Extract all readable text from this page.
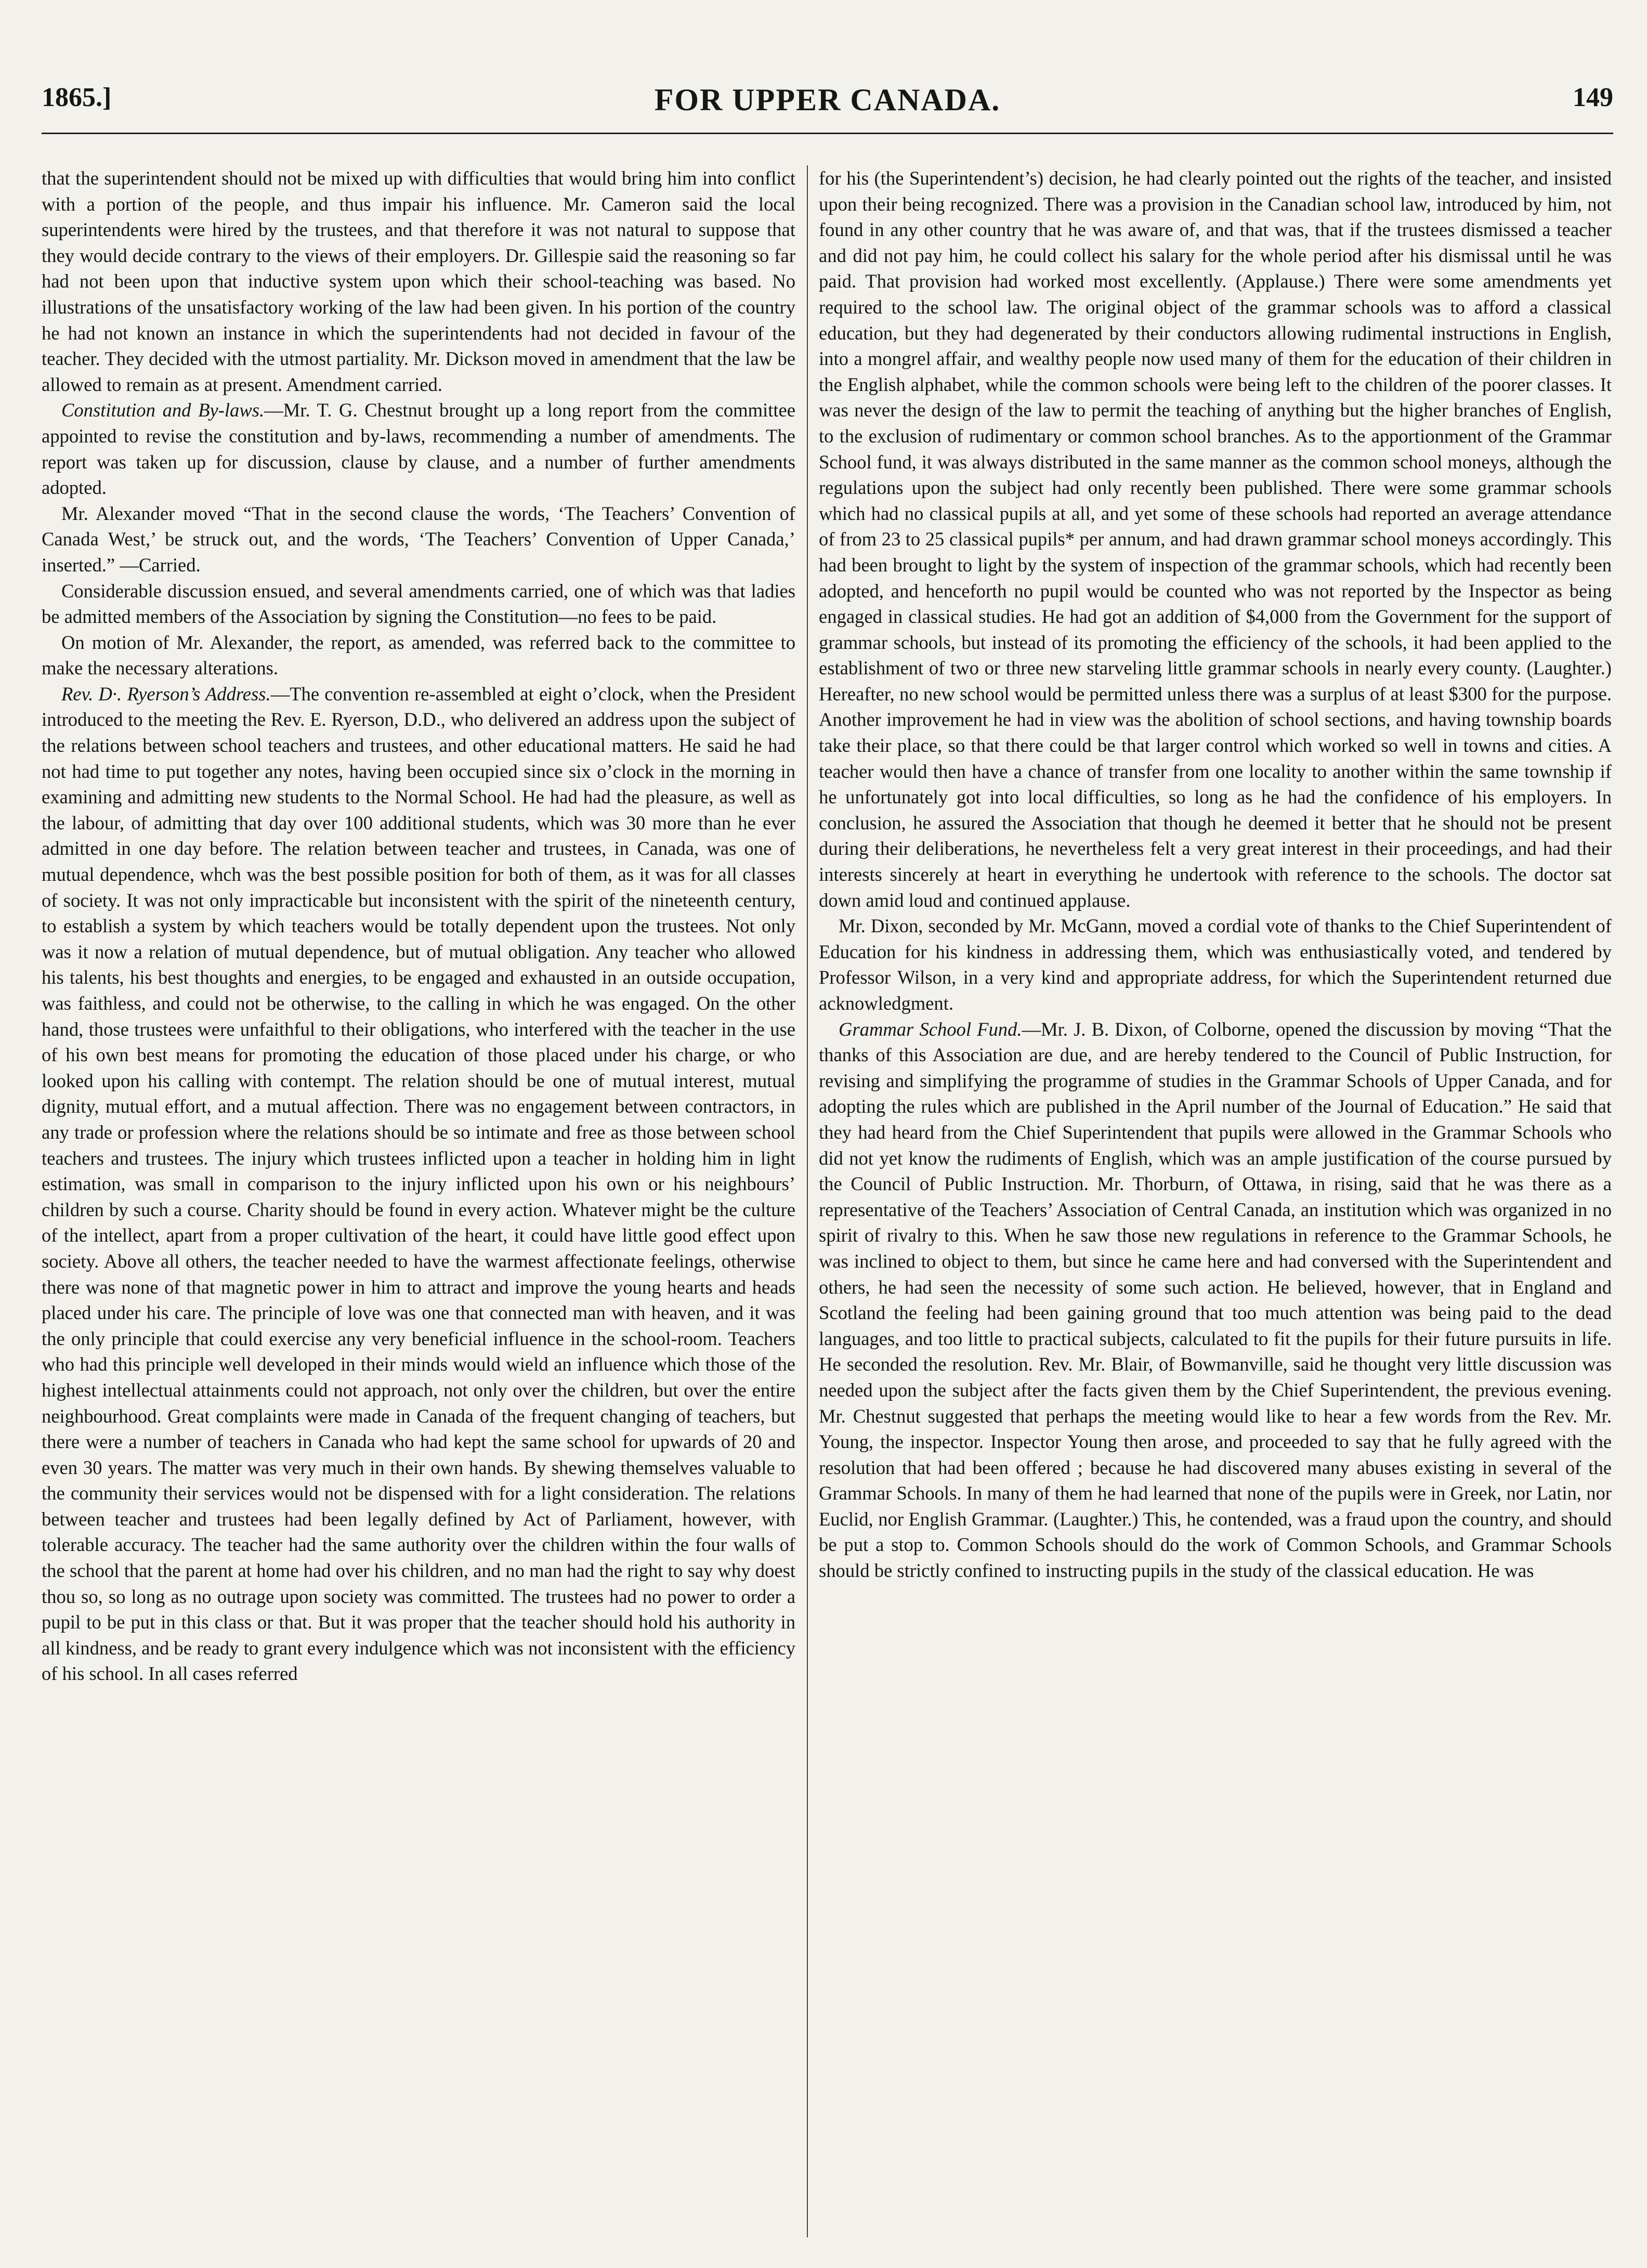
1865.]	FOR UPPER CANADA.	149

that the superintendent should not be mixed up with difficulties that would bring him into conflict with a portion of the people, and thus impair his influence. Mr. Cameron said the local superintendents were hired by the trustees, and that therefore it was not natural to suppose that they would decide contrary to the views of their employers. Dr. Gillespie said the reasoning so far had not been upon that inductive system upon which their school-teaching was based. No illustrations of the unsatisfactory working of the law had been given. In his portion of the country he had not known an instance in which the superintendents had not decided in favour of the teacher. They decided with the utmost partiality. Mr. Dickson moved in amendment that the law be allowed to remain as at present. Amendment carried.

Constitution and By-laws.—Mr. T. G. Chestnut brought up a long report from the committee appointed to revise the constitution and by-laws, recommending a number of amendments. The report was taken up for discussion, clause by clause, and a number of further amendments adopted.

Mr. Alexander moved “That in the second clause the words, ‘The Teachers’ Convention of Canada West,’ be struck out, and the words, ‘The Teachers’ Convention of Upper Canada,’ inserted.” —Carried.

Considerable discussion ensued, and several amendments carried, one of which was that ladies be admitted members of the Association by signing the Constitution—no fees to be paid.

On motion of Mr. Alexander, the report, as amended, was referred back to the committee to make the necessary alterations.

Rev. D·. Ryerson’s Address.—The convention re-assembled at eight o’clock, when the President introduced to the meeting the Rev. E. Ryerson, D.D., who delivered an address upon the subject of the relations between school teachers and trustees, and other educational matters. He said he had not had time to put together any notes, having been occupied since six o’clock in the morning in examining and admitting new students to the Normal School. He had had the pleasure, as well as the labour, of admitting that day over 100 additional students, which was 30 more than he ever admitted in one day before. The relation between teacher and trustees, in Canada, was one of mutual dependence, whch was the best possible position for both of them, as it was for all classes of society. It was not only impracticable but inconsistent with the spirit of the nineteenth century, to establish a system by which teachers would be totally dependent upon the trustees. Not only was it now a relation of mutual dependence, but of mutual obligation. Any teacher who allowed his talents, his best thoughts and energies, to be engaged and exhausted in an outside occupation, was faithless, and could not be otherwise, to the calling in which he was engaged. On the other hand, those trustees were unfaithful to their obligations, who interfered with the teacher in the use of his own best means for promoting the education of those placed under his charge, or who looked upon his calling with contempt. The relation should be one of mutual interest, mutual dignity, mutual effort, and a mutual affection. There was no engagement between contractors, in any trade or profession where the relations should be so intimate and free as those between school teachers and trustees. The injury which trustees inflicted upon a teacher in holding him in light estimation, was small in comparison to the injury inflicted upon his own or his neighbours’ children by such a course. Charity should be found in every action. Whatever might be the culture of the intellect, apart from a proper cultivation of the heart, it could have little good effect upon society. Above all others, the teacher needed to have the warmest affectionate feelings, otherwise there was none of that magnetic power in him to attract and improve the young hearts and heads placed under his care. The principle of love was one that connected man with heaven, and it was the only principle that could exercise any very beneficial influence in the school-room. Teachers who had this principle well developed in their minds would wield an influence which those of the highest intellectual attainments could not approach, not only over the children, but over the entire neighbourhood. Great complaints were made in Canada of the frequent changing of teachers, but there were a number of teachers in Canada who had kept the same school for upwards of 20 and even 30 years. The matter was very much in their own hands. By shewing themselves valuable to the community their services would not be dispensed with for a light consideration. The relations between teacher and trustees had been legally defined by Act of Parliament, however, with tolerable accuracy. The teacher had the same authority over the children within the four walls of the school that the parent at home had over his children, and no man had the right to say why doest thou so, so long as no outrage upon society was committed. The trustees had no power to order a pupil to be put in this class or that. But it was proper that the teacher should hold his authority in all kindness, and be ready to grant every indulgence which was not inconsistent with the efficiency of his school. In all cases referred

for his (the Superintendent’s) decision, he had clearly pointed out the rights of the teacher, and insisted upon their being recognized. There was a provision in the Canadian school law, introduced by him, not found in any other country that he was aware of, and that was, that if the trustees dismissed a teacher and did not pay him, he could collect his salary for the whole period after his dismissal until he was paid. That provision had worked most excellently. (Applause.) There were some amendments yet required to the school law. The original object of the grammar schools was to afford a classical education, but they had degenerated by their conductors allowing rudimental instructions in English, into a mongrel affair, and wealthy people now used many of them for the education of their children in the English alphabet, while the common schools were being left to the children of the poorer classes. It was never the design of the law to permit the teaching of anything but the higher branches of English, to the exclusion of rudimentary or common school branches. As to the apportionment of the Grammar School fund, it was always distributed in the same manner as the common school moneys, although the regulations upon the subject had only recently been published. There were some grammar schools which had no classical pupils at all, and yet some of these schools had reported an average attendance of from 23 to 25 classical pupils* per annum, and had drawn grammar school moneys accordingly. This had been brought to light by the system of inspection of the grammar schools, which had recently been adopted, and henceforth no pupil would be counted who was not reported by the Inspector as being engaged in classical studies. He had got an addition of $4,000 from the Government for the support of grammar schools, but instead of its promoting the efficiency of the schools, it had been applied to the establishment of two or three new starveling little grammar schools in nearly every county. (Laughter.) Hereafter, no new school would be permitted unless there was a surplus of at least $300 for the purpose. Another improvement he had in view was the abolition of school sections, and having township boards take their place, so that there could be that larger control which worked so well in towns and cities. A teacher would then have a chance of transfer from one locality to another within the same township if he unfortunately got into local difficulties, so long as he had the confidence of his employers. In conclusion, he assured the Association that though he deemed it better that he should not be present during their deliberations, he nevertheless felt a very great interest in their proceedings, and had their interests sincerely at heart in everything he undertook with reference to the schools. The doctor sat down amid loud and continued applause.

Mr. Dixon, seconded by Mr. McGann, moved a cordial vote of thanks to the Chief Superintendent of Education for his kindness in addressing them, which was enthusiastically voted, and tendered by Professor Wilson, in a very kind and appropriate address, for which the Superintendent returned due acknowledgment.

Grammar School Fund.—Mr. J. B. Dixon, of Colborne, opened the discussion by moving “That the thanks of this Association are due, and are hereby tendered to the Council of Public Instruction, for revising and simplifying the programme of studies in the Grammar Schools of Upper Canada, and for adopting the rules which are published in the April number of the Journal of Education.” He said that they had heard from the Chief Superintendent that pupils were allowed in the Grammar Schools who did not yet know the rudiments of English, which was an ample justification of the course pursued by the Council of Public Instruction. Mr. Thorburn, of Ottawa, in rising, said that he was there as a representative of the Teachers’ Association of Central Canada, an institution which was organized in no spirit of rivalry to this. When he saw those new regulations in reference to the Grammar Schools, he was inclined to object to them, but since he came here and had conversed with the Superintendent and others, he had seen the necessity of some such action. He believed, however, that in England and Scotland the feeling had been gaining ground that too much attention was being paid to the dead languages, and too little to practical subjects, calculated to fit the pupils for their future pursuits in life. He seconded the resolution. Rev. Mr. Blair, of Bowmanville, said he thought very little discussion was needed upon the subject after the facts given them by the Chief Superintendent, the previous evening. Mr. Chestnut suggested that perhaps the meeting would like to hear a few words from the Rev. Mr. Young, the inspector. Inspector Young then arose, and proceeded to say that he fully agreed with the resolution that had been offered ; because he had discovered many abuses existing in several of the Grammar Schools. In many of them he had learned that none of the pupils were in Greek, nor Latin, nor Euclid, nor English Grammar. (Laughter.) This, he contended, was a fraud upon the country, and should be put a stop to. Common Schools should do the work of Common Schools, and Grammar Schools should be strictly confined to instructing pupils in the study of the classical education. He was
